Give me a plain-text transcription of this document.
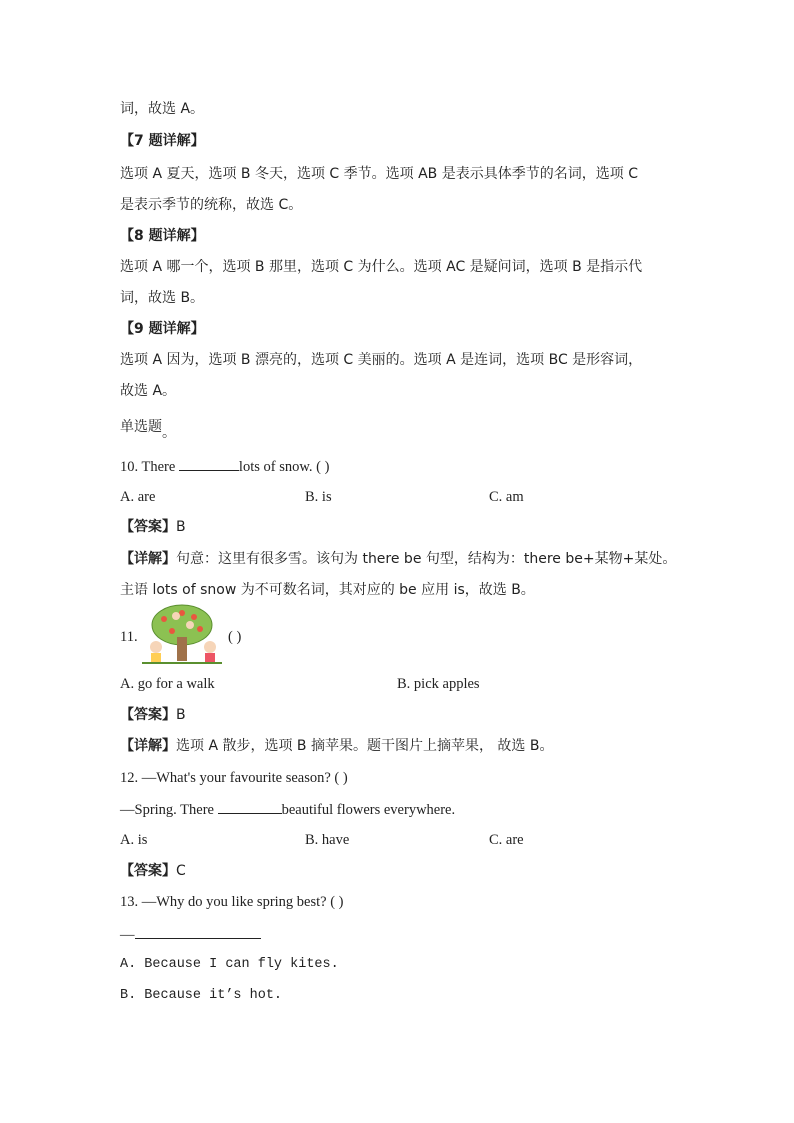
词，故选 A。
【7 题详解】
选项 A 夏天，选项 B 冬天，选项 C 季节。选项 AB 是表示具体季节的名词，选项 C
是表示季节的统称，故选 C。
【8 题详解】
选项 A 哪一个，选项 B 那里，选项 C 为什么。选项 AC 是疑问词，选项 B 是指示代
词，故选 B。
【9 题详解】
选项 A 因为，选项 B 漂亮的，选项 C 美丽的。选项 A 是连词，选项 BC 是形容词，
故选 A。
单选题。
10. There	lots of snow. ( )
A. are	B. is	C. am
【答案】B
【详解】句意：这里有很多雪。该句为 there be 句型，结构为：there be+某物+某处。
主语 lots of snow 为不可数名词，其对应的 be 应用 is，故选 B。
11.	( )
A. go for a walk	B. pick apples
【答案】B
【详解】选项 A 散步，选项 B 摘苹果。题干图片上摘苹果， 故选 B。
12. —What's your favourite season? ( )
—Spring. There	beautiful flowers everywhere.
A. is	B. have	C. are
【答案】C
13. —Why do you like spring best? ( )
—
A. Because I can fly kites.
B. Because it’s hot.
